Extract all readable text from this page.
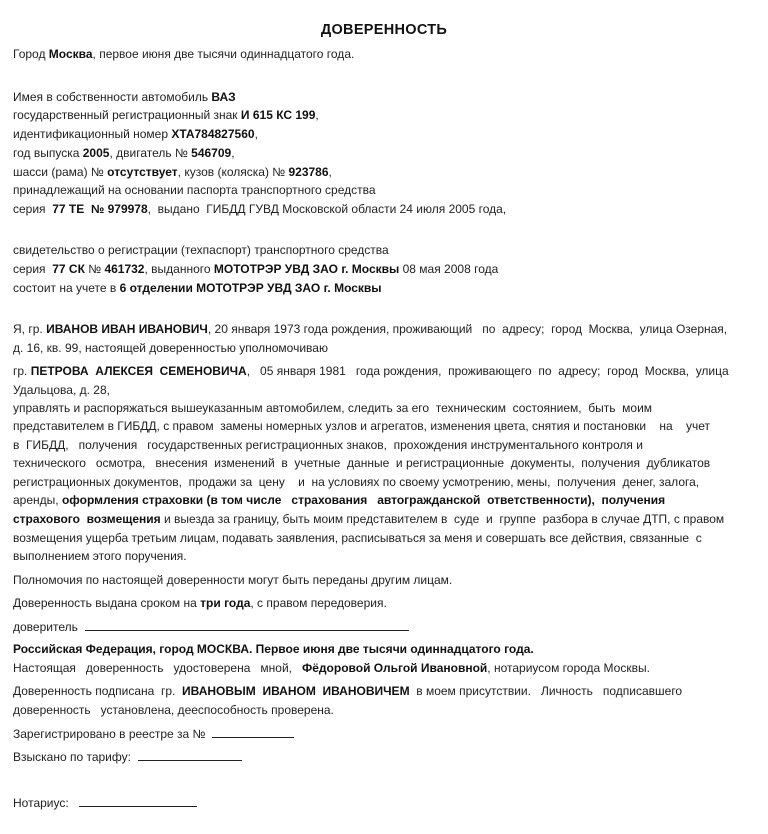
ДОВЕРЕННОСТЬ
Город Москва, первое июня две тысячи одиннадцатого года.
Имея в собственности автомобиль ВАЗ
государственный регистрационный знак И 615 КС 199,
идентификационный номер XTA784827560,
год выпуска 2005, двигатель № 546709,
шасси (рама) № отсутствует, кузов (коляска) № 923786,
принадлежащий на основании паспорта транспортного средства
серия  77 ТЕ  № 979978,  выдано  ГИБДД ГУВД Московской области 24 июля 2005 года,
свидетельство о регистрации (техпаспорт) транспортного средства
серия  77 СК № 461732, выданного МОТОТРЭР УВД ЗАО г. Москвы 08 мая 2008 года
состоит на учете в 6 отделении МОТОТРЭР УВД ЗАО г. Москвы
Я, гр. ИВАНОВ ИВАН ИВАНОВИЧ, 20 января 1973 года рождения, проживающий   по  адресу;  город  Москва,  улица Озерная,
д. 16, кв. 99, настоящей доверенностью уполномочиваю
гр. ПЕТРОВА  АЛЕКСЕЯ  СЕМЕНОВИЧА,   05 января 1981   года рождения,  проживающего  по  адресу;  город  Москва,  улица
Удальцова, д. 28,
управлять и распоряжаться вышеуказанным автомобилем, следить за его  техническим  состоянием,  быть  моим
представителем в ГИБДД, с правом  замены номерных узлов и агрегатов, изменения цвета, снятия и постановки    на    учет
в  ГИБДД,   получения   государственных регистрационных знаков,  прохождения инструментального контроля и
технического   осмотра,   внесения  изменений  в  учетные  данные  и регистрационные  документы,  получения  дубликатов
регистрационных документов,  продажи за  цену    и  на условиях по своему усмотрению, мены,  получения  денег, залога,
аренды, оформления страховки (в том числе   страхования   автогражданской  ответственности),  получения
страхового  возмещения и выезда за границу, быть моим представителем в  суде  и  группе  разбора в случае ДТП, с правом
возмещения ущерба третьим лицам, подавать заявления, расписываться за меня и совершать все действия, связанные  с
выполнением этого поручения.
Полномочия по настоящей доверенности могут быть переданы другим лицам.
Доверенность выдана сроком на три года, с правом передоверия.
доверитель
Российская Федерация, город МОСКВА. Первое июня две тысячи одиннадцатого года.
Настоящая   доверенность   удостоверена   мной,   Фёдоровой Ольгой Ивановной, нотариусом города Москвы.
Доверенность подписана  гр.  ИВАНОВЫМ  ИВАНОМ  ИВАНОВИЧЕМ  в моем присутствии.   Личность   подписавшего
доверенность   установлена, дееспособность проверена.
Зарегистрировано в реестре за №
Взыскано по тарифу:
Нотариус:
